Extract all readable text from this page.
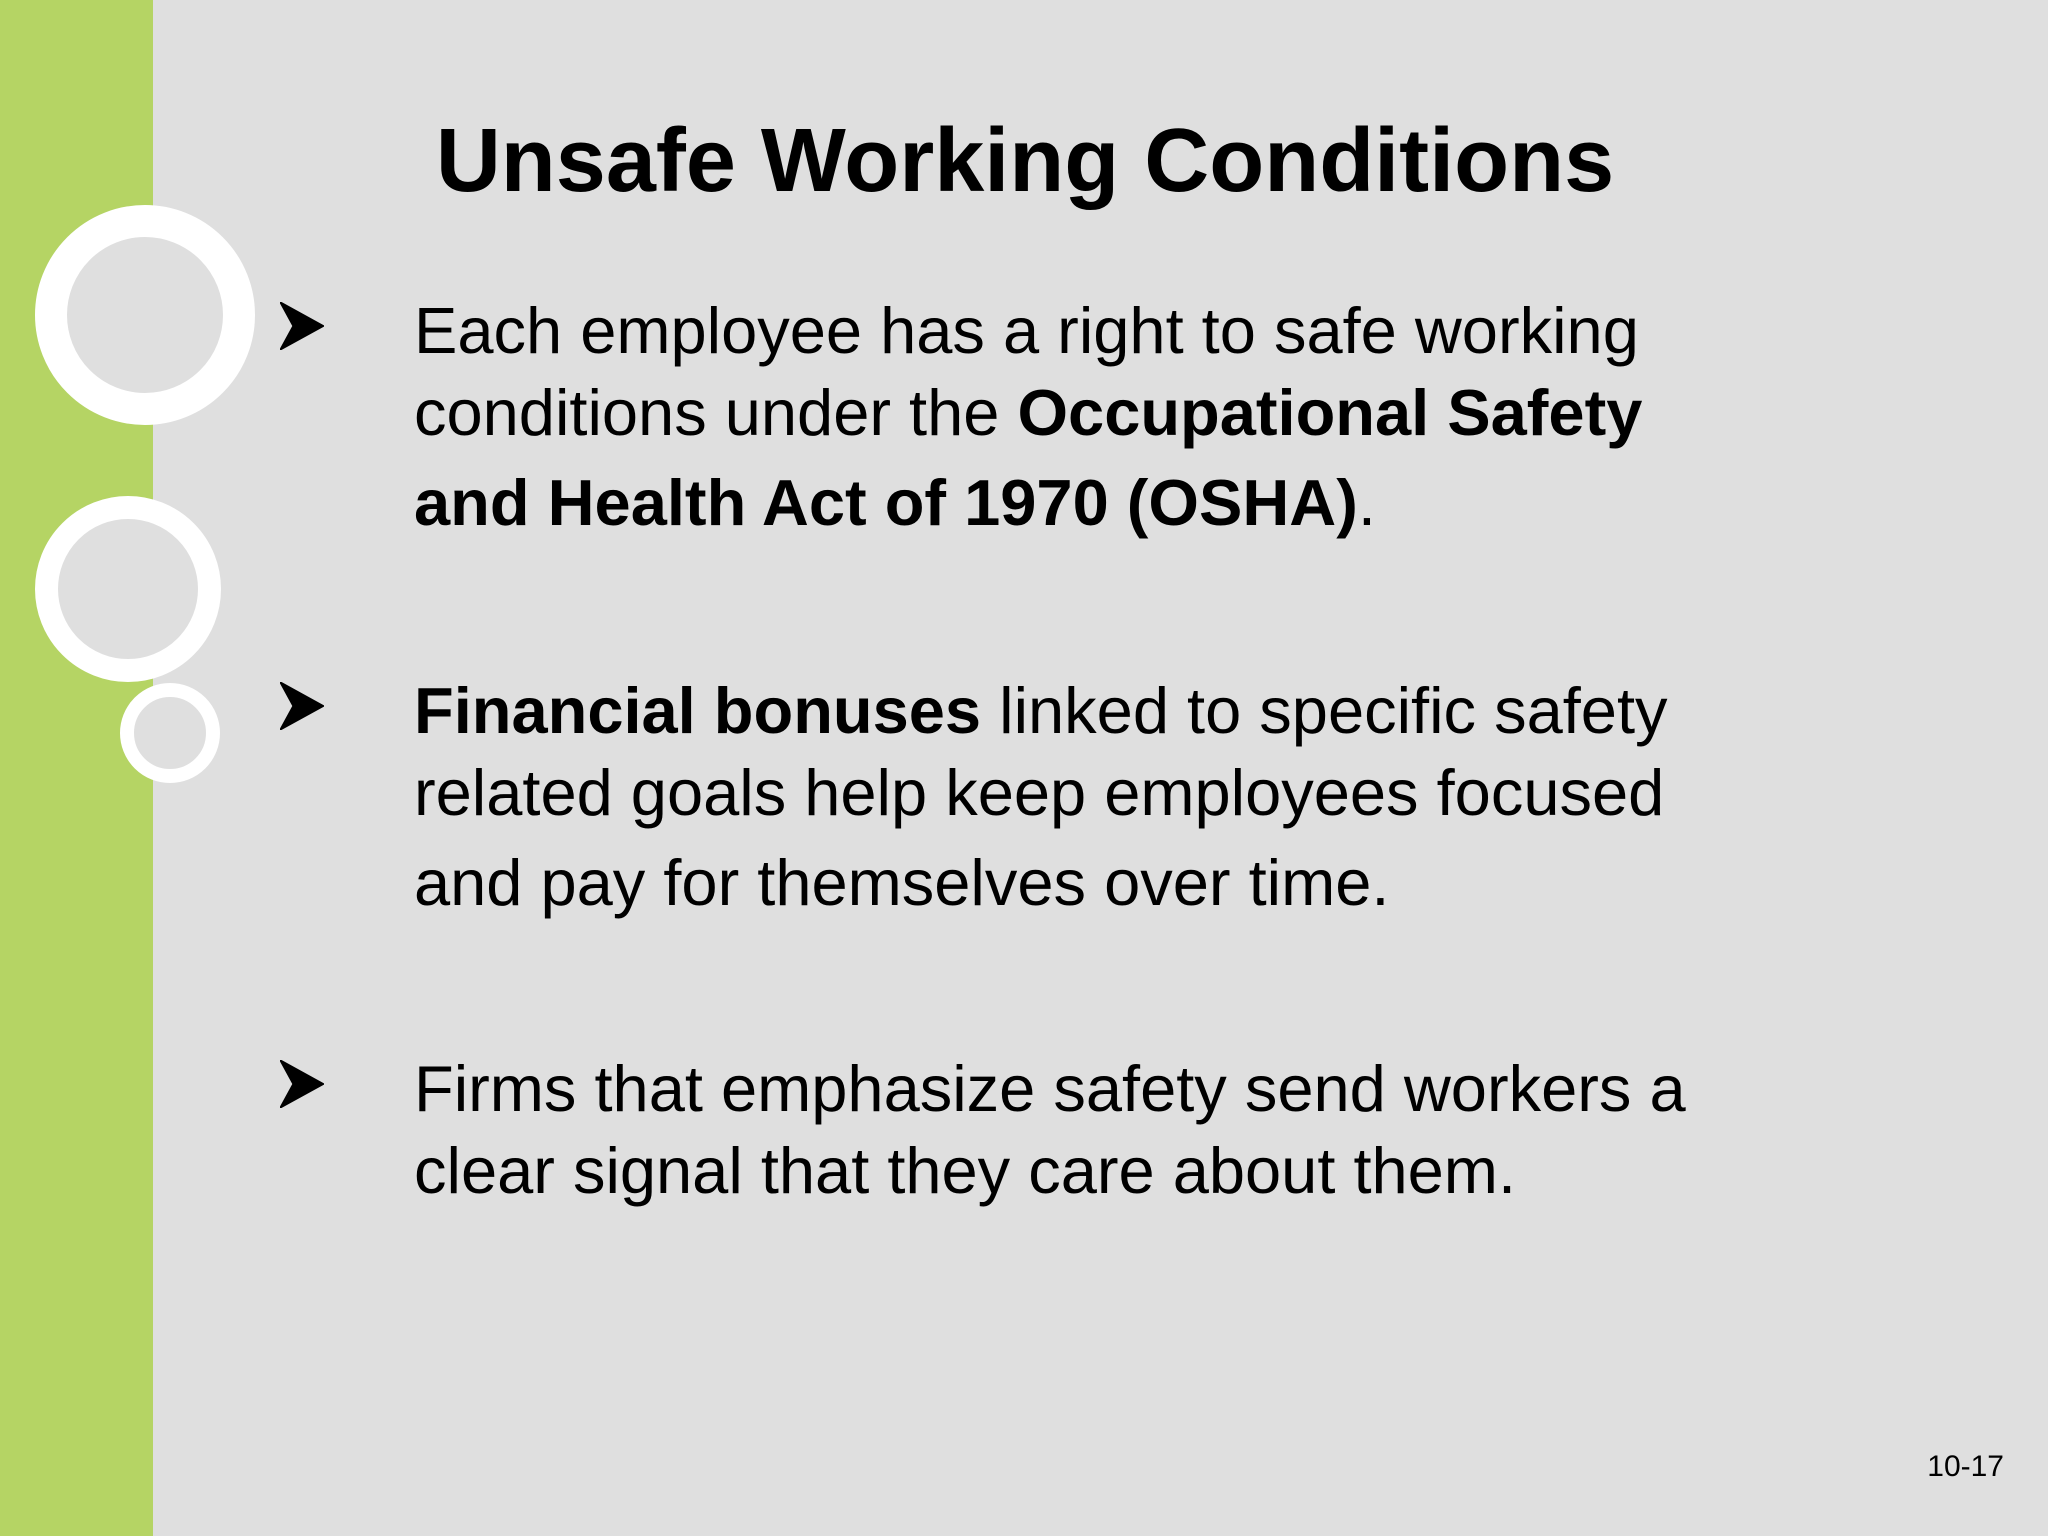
Unsafe Working Conditions
Each employee has a right to safe working
conditions under the Occupational Safety
and Health Act of 1970 (OSHA).
Financial bonuses linked to specific safety
related goals help keep employees focused
and pay for themselves over time.
Firms that emphasize safety send workers a
clear signal that they care about them.
10-17
